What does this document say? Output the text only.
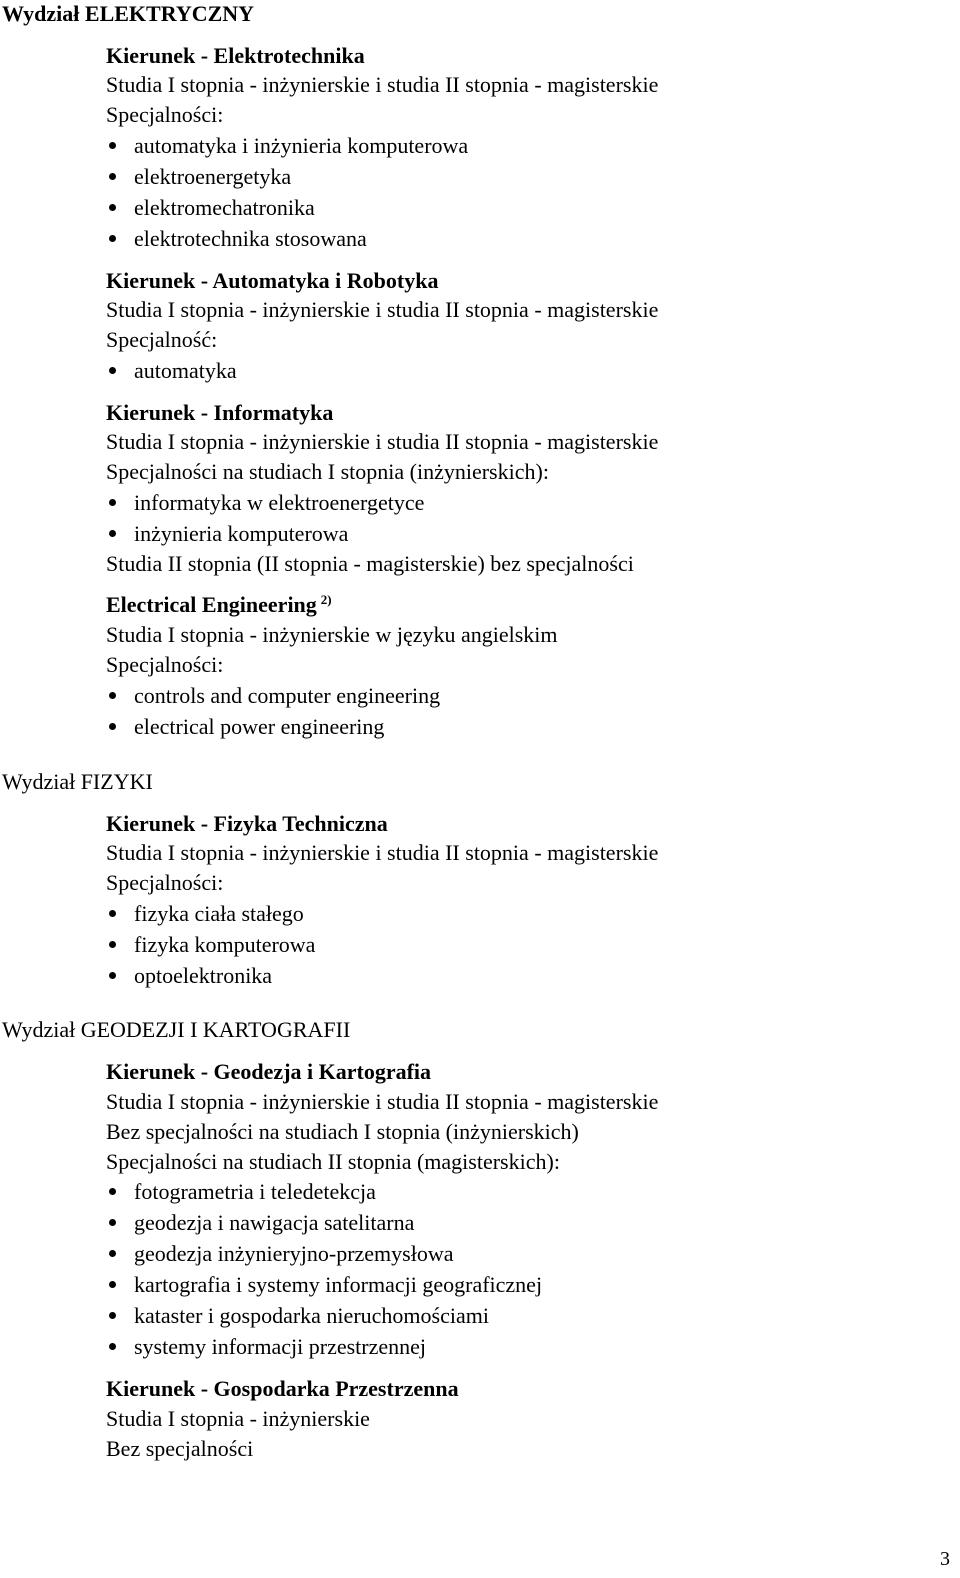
Wydział ELEKTRYCZNY
Kierunek - Elektrotechnika
Studia I stopnia - inżynierskie i studia II stopnia - magisterskie
Specjalności:
automatyka i inżynieria komputerowa
elektroenergetyka
elektromechatronika
elektrotechnika stosowana
Kierunek - Automatyka i Robotyka
Studia I stopnia - inżynierskie i studia II stopnia - magisterskie
Specjalność:
automatyka
Kierunek - Informatyka
Studia I stopnia - inżynierskie i studia II stopnia - magisterskie
Specjalności na studiach I stopnia (inżynierskich):
informatyka w elektroenergetyce
inżynieria komputerowa
Studia II stopnia (II stopnia - magisterskie) bez specjalności
Electrical Engineering $^{2)}$
Studia I stopnia - inżynierskie w języku angielskim
Specjalności:
controls and computer engineering
electrical power engineering
Wydział FIZYKI
Kierunek - Fizyka Techniczna
Studia I stopnia - inżynierskie i studia II stopnia - magisterskie
Specjalności:
fizyka ciała stałego
fizyka komputerowa
optoelektronika
Wydział GEODEZJI I KARTOGRAFII
Kierunek - Geodezja i Kartografia
Studia I stopnia - inżynierskie i studia II stopnia - magisterskie
Bez specjalności na studiach I stopnia (inżynierskich)
Specjalności na studiach II stopnia (magisterskich):
fotogrametria i teledetekcja
geodezja i nawigacja satelitarna
geodezja inżynieryjno-przemysłowa
kartografia i systemy informacji geograficznej
kataster i gospodarka nieruchomościami
systemy informacji przestrzennej
Kierunek - Gospodarka Przestrzenna
Studia I stopnia - inżynierskie
Bez specjalności
3
